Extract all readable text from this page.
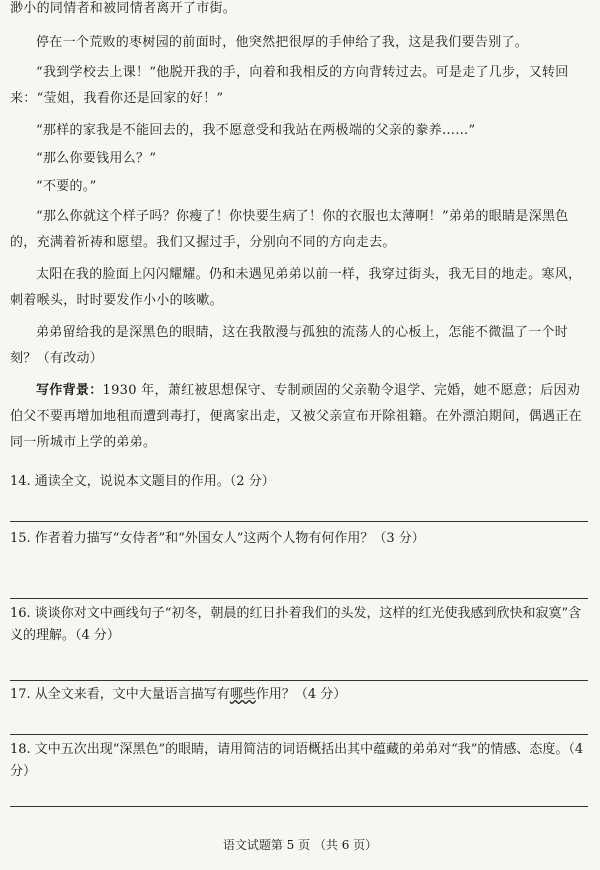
渺小的同情者和被同情者离开了市街。

停在一个荒败的枣树园的前面时，他突然把很厚的手伸给了我，这是我们要告别了。

“我到学校去上课！”他脱开我的手，向着和我相反的方向背转过去。可是走了几步，又转回来：“莹姐，我看你还是回家的好！”

“那样的家我是不能回去的，我不愿意受和我站在两极端的父亲的豢养……”

“那么你要钱用么？”

“不要的。”

“那么你就这个样子吗？你瘦了！你快要生病了！你的衣服也太薄啊！”弟弟的眼睛是深黑色的，充满着祈祷和愿望。我们又握过手，分别向不同的方向走去。

太阳在我的脸面上闪闪耀耀。仍和未遇见弟弟以前一样，我穿过街头，我无目的地走。寒风，刺着喉头，时时要发作小小的咳嗽。

弟弟留给我的是深黑色的眼睛，这在我散漫与孤独的流荡人的心板上，怎能不微温了一个时刻？（有改动）

写作背景：1930 年，萧红被思想保守、专制顽固的父亲勒令退学、完婚，她不愿意；后因劝伯父不要再增加地租而遭到毒打，便离家出走，又被父亲宣布开除祖籍。在外漂泊期间，偶遇正在同一所城市上学的弟弟。

14. 通读全文，说说本文题目的作用。（2 分）

15. 作者着力描写“女侍者”和“外国女人”这两个人物有何作用？（3 分）

16. 谈谈你对文中画线句子“初冬，朝晨的红日扑着我们的头发，这样的红光使我感到欣快和寂寞”含义的理解。（4 分）

17. 从全文来看，文中大量语言描写有哪些作用？（4 分）

18. 文中五次出现“深黑色”的眼睛，请用简洁的词语概括出其中蕴藏的弟弟对“我”的情感、态度。（4 分）

语文试题第 5 页 （共 6 页）
